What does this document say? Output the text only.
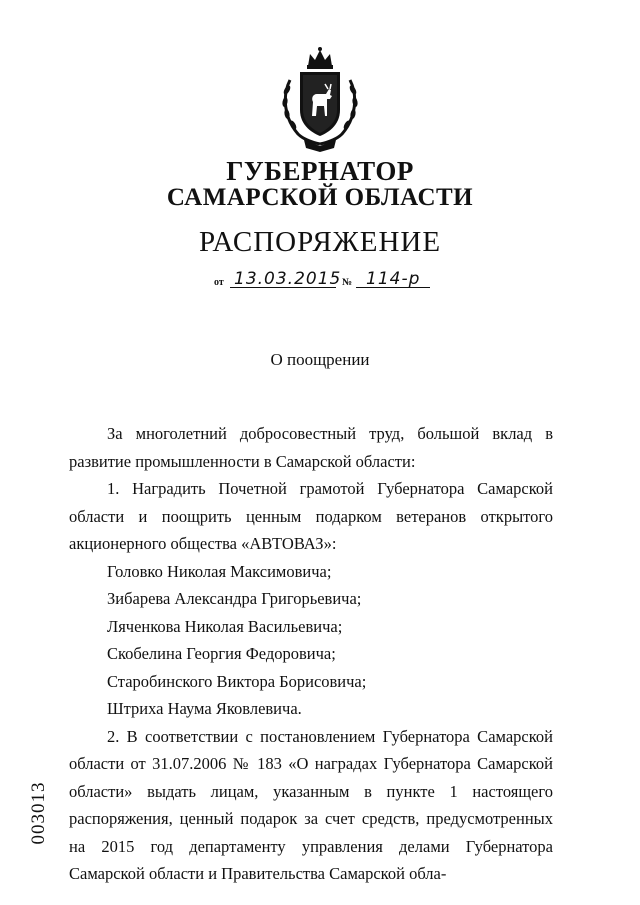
ГУБЕРНАТОР
САМАРСКОЙ ОБЛАСТИ
РАСПОРЯЖЕНИЕ
от 13.03.2015 № 114-р
О поощрении

За многолетний добросовестный труд, большой вклад в развитие промышленности в Самарской области:

1. Наградить Почетной грамотой Губернатора Самарской области и поощрить ценным подарком ветеранов открытого акционерного общества «АВТОВАЗ»:

Головко Николая Максимовича;
Зибарева Александра Григорьевича;
Ляченкова Николая Васильевича;
Скобелина Георгия Федоровича;
Старобинского Виктора Борисовича;
Штриха Наума Яковлевича.

2. В соответствии с постановлением Губернатора Самарской области от 31.07.2006 № 183 «О наградах Губернатора Самарской области» выдать лицам, указанным в пункте 1 настоящего распоряжения, ценный подарок за счет средств, предусмотренных на 2015 год департаменту управления делами Губернатора Самарской области и Правительства Самарской обла-

003013
